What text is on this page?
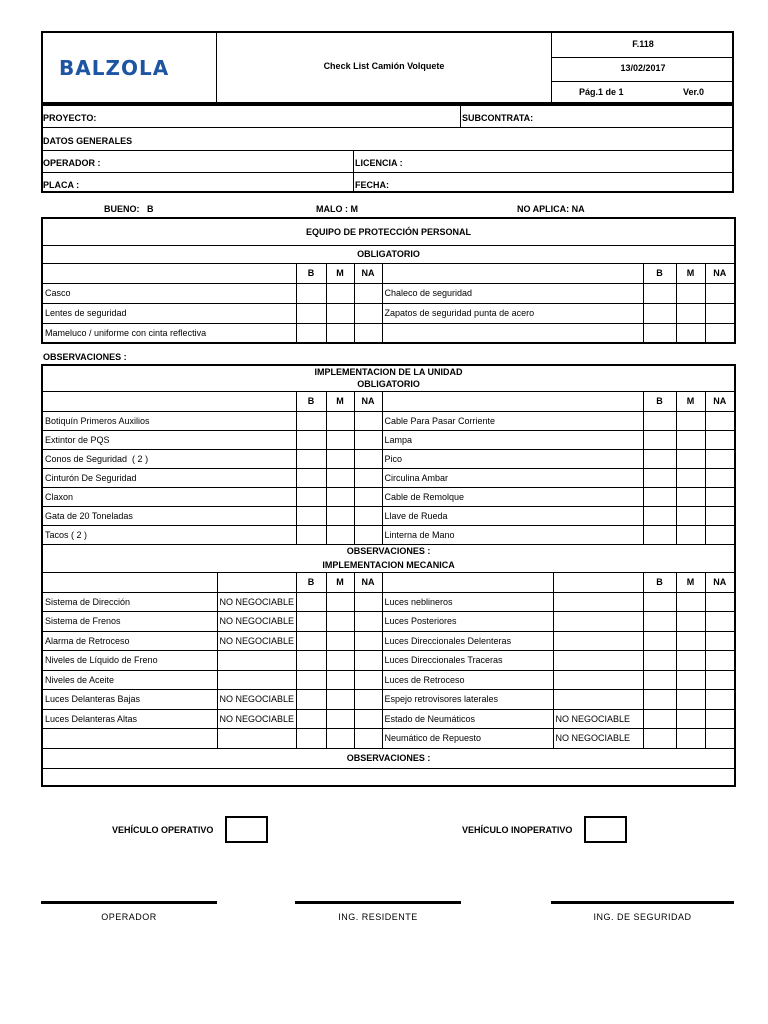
BALZOLA	Check List Camión Volquete
F.118
13/02/2017
Pág.1 de 1	Ver.0
PROYECTO:	SUBCONTRATA:
DATOS GENERALES
OPERADOR :	LICENCIA :
PLACA :	FECHA:
BUENO:   B	MALO : M	NO APLICA: NA
EQUIPO DE PROTECCIÓN PERSONAL							
OBLIGATORIO							
	B	M	NA		B	M	NA
Casco				Chaleco de seguridad			
Lentes de seguridad				Zapatos de seguridad punta de acero			
Mameluco / uniforme con cinta reflectiva							
OBSERVACIONES :
IMPLEMENTACION DE LA UNIDAD									
OBLIGATORIO									
		B	M	NA			B	M	NA
Botiquín Primeros Auxilios					Cable Para Pasar Corriente				
Extintor de PQS					Lampa				
Conos de Seguridad  ( 2 )					Pico				
Cinturón De Seguridad					Circulina Ambar				
Claxon					Cable de Remolque				
Gata de 20 Toneladas					Llave de Rueda				
Tacos ( 2 )					Linterna de Mano				
OBSERVACIONES :									
IMPLEMENTACION MECANICA									
		B	M	NA			B	M	NA
Sistema de Dirección	NO NEGOCIABLE				Luces neblineros				
Sistema de Frenos	NO NEGOCIABLE				Luces Posteriores				
Alarma de Retroceso	NO NEGOCIABLE				Luces Direccionales Delenteras				
Niveles de Líquido de Freno					Luces Direccionales Traceras				
Niveles de Aceite					Luces de Retroceso				
Luces Delanteras Bajas	NO NEGOCIABLE				Espejo retrovisores laterales				
Luces Delanteras Altas	NO NEGOCIABLE				Estado de Neumáticos	NO NEGOCIABLE			
					Neumático de Repuesto	NO NEGOCIABLE			
OBSERVACIONES :									

VEHÍCULO OPERATIVO	VEHÍCULO INOPERATIVO
OPERADOR	ING. RESIDENTE	ING. DE SEGURIDAD
